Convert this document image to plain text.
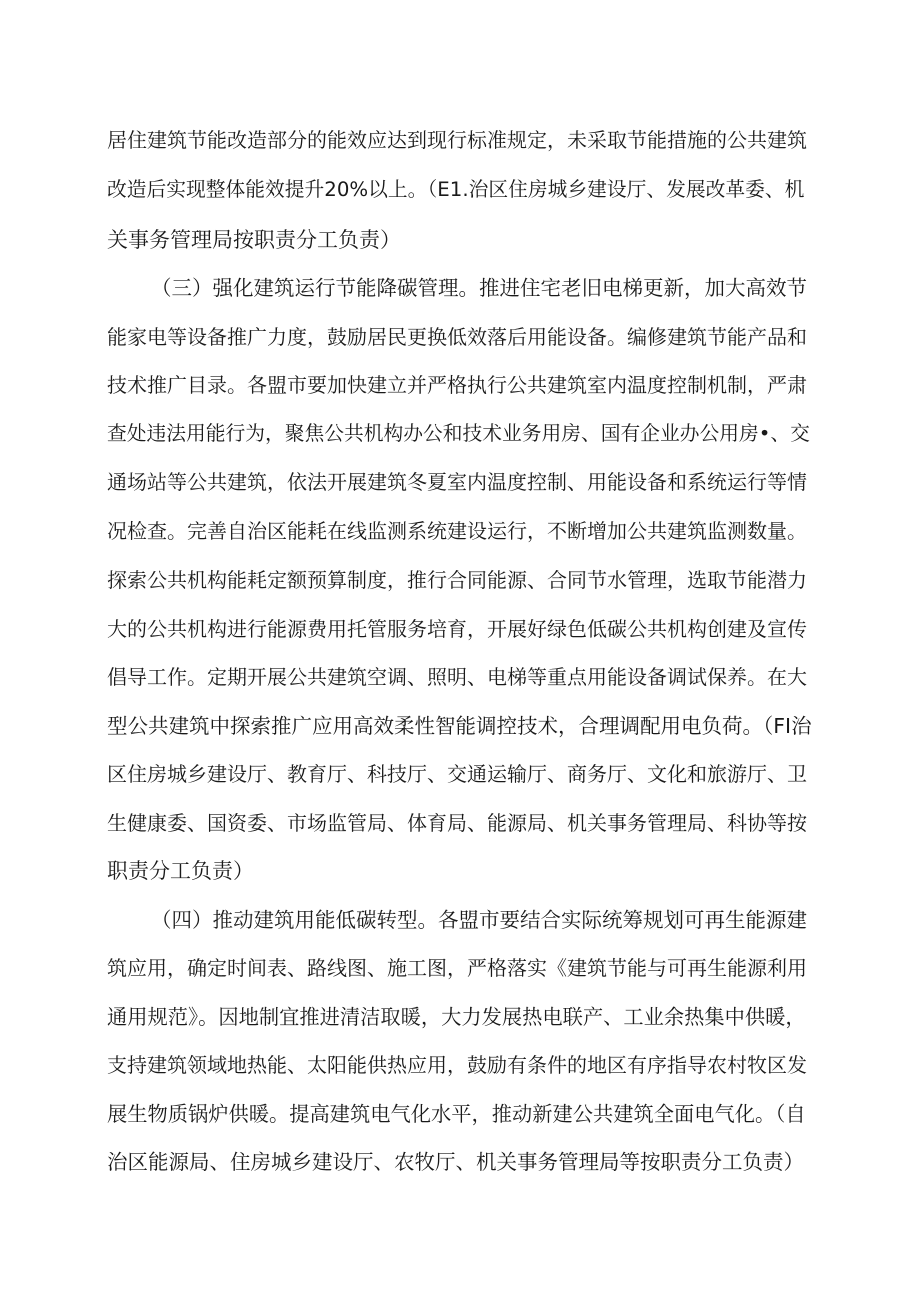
居住建筑节能改造部分的能效应达到现行标准规定，未采取节能措施的公共建筑
改造后实现整体能效提升20%以上。（E1.治区住房城乡建设厅、发展改革委、机
关事务管理局按职责分工负责）
（三）强化建筑运行节能降碳管理。推进住宅老旧电梯更新，加大高效节
能家电等设备推广力度，鼓励居民更换低效落后用能设备。编修建筑节能产品和
技术推广目录。各盟市要加快建立并严格执行公共建筑室内温度控制机制，严肃
查处违法用能行为，聚焦公共机构办公和技术业务用房、国有企业办公用房•、交
通场站等公共建筑，依法开展建筑冬夏室内温度控制、用能设备和系统运行等情
况检查。完善自治区能耗在线监测系统建设运行，不断增加公共建筑监测数量。
探索公共机构能耗定额预算制度，推行合同能源、合同节水管理，选取节能潜力
大的公共机构进行能源费用托管服务培育，开展好绿色低碳公共机构创建及宣传
倡导工作。定期开展公共建筑空调、照明、电梯等重点用能设备调试保养。在大
型公共建筑中探索推广应用高效柔性智能调控技术，合理调配用电负荷。（FI治
区住房城乡建设厅、教育厅、科技厅、交通运输厅、商务厅、文化和旅游厅、卫
生健康委、国资委、市场监管局、体育局、能源局、机关事务管理局、科协等按
职责分工负责）
（四）推动建筑用能低碳转型。各盟市要结合实际统筹规划可再生能源建
筑应用，确定时间表、路线图、施工图，严格落实《建筑节能与可再生能源利用
通用规范》。因地制宜推进清洁取暖，大力发展热电联产、工业余热集中供暖，
支持建筑领域地热能、太阳能供热应用，鼓励有条件的地区有序指导农村牧区发
展生物质锅炉供暖。提高建筑电气化水平，推动新建公共建筑全面电气化。（自
治区能源局、住房城乡建设厅、农牧厅、机关事务管理局等按职责分工负责）
